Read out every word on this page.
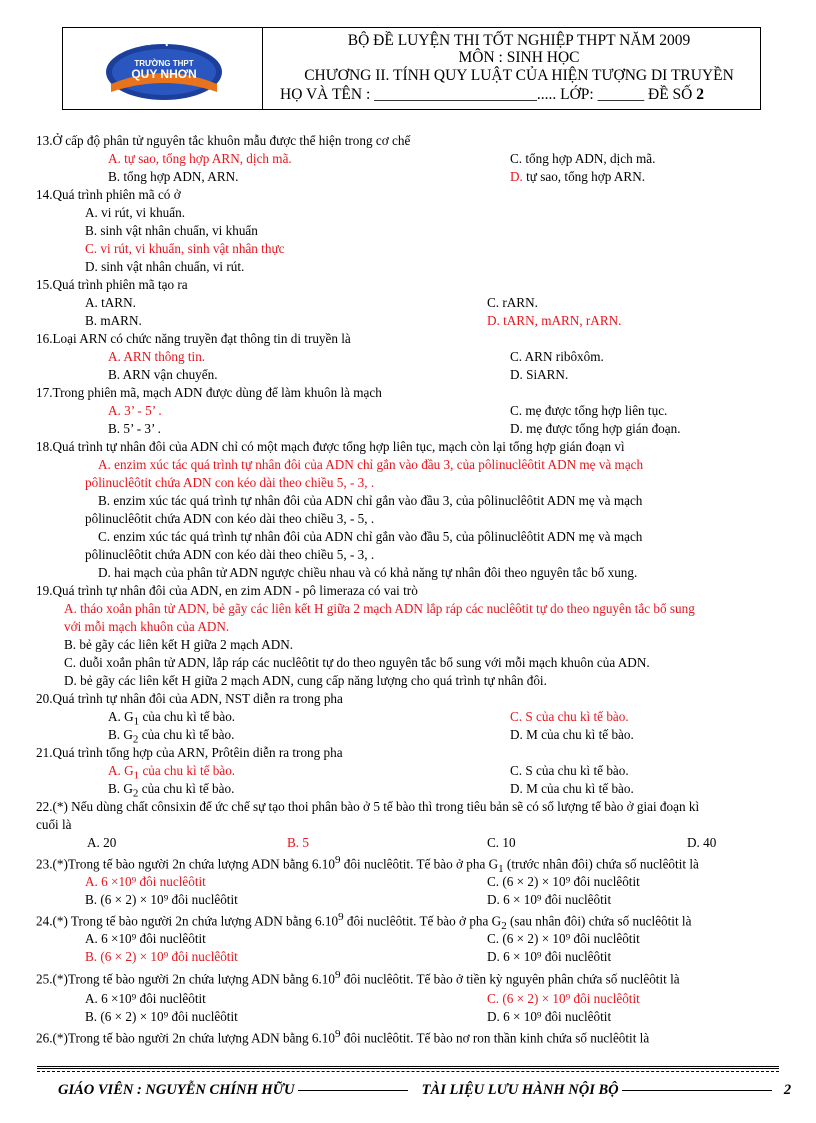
TRƯỜNG THPT
QUY NHƠN
BỘ ĐỀ LUYỆN THI TỐT NGHIỆP THPT NĂM 2009
MÔN : SINH HỌC
CHƯƠNG II. TÍNH QUY LUẬT CỦA HIỆN TƯỢNG DI TRUYỀN
HỌ VÀ TÊN : _____________________..... LỚP: ______ ĐỀ SỐ 2
13.Ở cấp độ phân tử nguyên tắc khuôn mẫu được thể hiện trong cơ chế
A. tự sao, tổng hợp ARN, dịch mã.	C. tổng hợp ADN, dịch mã.
B. tổng hợp ADN, ARN.	D. tự sao, tổng hợp ARN.
14.Quá trình phiên mã có ở
A. vi rút, vi khuẩn.
B. sinh vật nhân chuẩn, vi khuẩn
C. vi rút, vi khuẩn, sinh vật nhân thực
D. sinh vật nhân chuẩn, vi rút.
15.Quá trình phiên mã tạo ra
A. tARN.	C. rARN.
B. mARN.	D. tARN, mARN, rARN.
16.Loại ARN có chức năng truyền đạt thông tin di truyền là
A. ARN thông tin.	C. ARN ribôxôm.
B. ARN vận chuyển.	D. SiARN.
17.Trong phiên mã, mạch ADN được dùng để làm khuôn là mạch
A. 3’ - 5’ .	C. mẹ được tổng hợp liên tục.
B. 5’ - 3’ .	D. mẹ được tổng hợp gián đoạn.
18.Quá trình tự nhân đôi của ADN chỉ có một mạch được tổng hợp liên tục, mạch còn lại tổng hợp gián đoạn vì
A. enzim xúc tác quá trình tự nhân đôi của ADN chỉ gắn vào đầu 3, của pôlinuclêôtit ADN mẹ và mạch
pôlinuclêôtit chứa ADN con kéo dài theo chiều 5, - 3, .
B. enzim xúc tác quá trình tự nhân đôi của ADN chỉ gắn vào đầu 3, của pôlinuclêôtit ADN mẹ và mạch
pôlinuclêôtit chứa ADN con kéo dài theo chiều 3, - 5, .
C. enzim xúc tác quá trình tự nhân đôi của ADN chỉ gắn vào đầu 5, của pôlinuclêôtit ADN mẹ và mạch
pôlinuclêôtit chứa ADN con kéo dài theo chiều 5, - 3, .
D. hai mạch của phân tử ADN ngược chiều nhau và có khả năng tự nhân đôi theo nguyên tắc bổ xung.
19.Quá trình tự nhân đôi của ADN, en zim ADN - pô limeraza có vai trò
A. tháo xoắn phân tử ADN, bẻ gãy các liên kết H giữa 2 mạch ADN lắp ráp các nuclêôtit tự do theo nguyên tắc bổ sung
với mỗi mạch khuôn của ADN.
B. bẻ gãy các liên kết H giữa 2 mạch ADN.
C. duỗi xoắn phân tử ADN, lắp ráp các nuclêôtit tự do theo nguyên tắc bổ sung với mỗi mạch khuôn của ADN.
D. bẻ gãy các liên kết H giữa 2 mạch ADN, cung cấp năng lượng cho quá trình tự nhân đôi.
20.Quá trình tự nhân đôi của ADN, NST diễn ra trong pha
A. $G_1$ của chu kì tế bào.	C. S của chu kì tế bào.
B. $G_2$ của chu kì tế bào.	D. M của chu kì tế bào.
21.Quá trình tổng hợp của ARN, Prôtêin diễn ra trong pha
A. $G_1$ của chu kì tế bào.	C. S của chu kì tế bào.
B. $G_2$ của chu kì tế bào.	D. M của chu kì tế bào.
22.(*) Nếu dùng chất cônsixin để ức chế sự tạo thoi phân bào ở 5 tế bào thì trong tiêu bản sẽ có số lượng tế bào ở giai đoạn kì
cuối là
A. 20	B. 5	C. 10	D. 40
23.(*)Trong tế bào người 2n chứa lượng ADN bằng 6.10$^9$ đôi nuclêôtit. Tế bào ở pha $G_1$ (trước nhân đôi) chứa số nuclêôtit là
A. 6 ×10⁹ đôi nuclêôtit	C. (6 × 2) × 10⁹ đôi nuclêôtit
B. (6 × 2) × 10⁹ đôi nuclêôtit	D. 6 × 10⁹ đôi nuclêôtit
24.(*) Trong tế bào người 2n chứa lượng ADN bằng 6.10$^9$ đôi nuclêôtit. Tế bào ở pha $G_2$ (sau nhân đôi) chứa số nuclêôtit là
A. 6 ×10⁹ đôi nuclêôtit	C. (6 × 2) × 10⁹ đôi nuclêôtit
B. (6 × 2) × 10⁹ đôi nuclêôtit	D. 6 × 10⁹ đôi nuclêôtit
25.(*)Trong tế bào người 2n chứa lượng ADN bằng 6.10$^9$ đôi nuclêôtit. Tế bào ở tiền kỳ nguyên phân chứa số nuclêôtit là
A. 6 ×10⁹ đôi nuclêôtit	C. (6 × 2) × 10⁹ đôi nuclêôtit
B. (6 × 2) × 10⁹ đôi nuclêôtit	D. 6 × 10⁹ đôi nuclêôtit
26.(*)Trong tế bào người 2n chứa lượng ADN bằng 6.10$^9$ đôi nuclêôtit. Tế bào nơ ron thần kinh chứa số nuclêôtit là
GIÁO VIÊN : NGUYỄN CHÍNH HỮU	TÀI LIỆU LƯU HÀNH NỘI BỘ	2
